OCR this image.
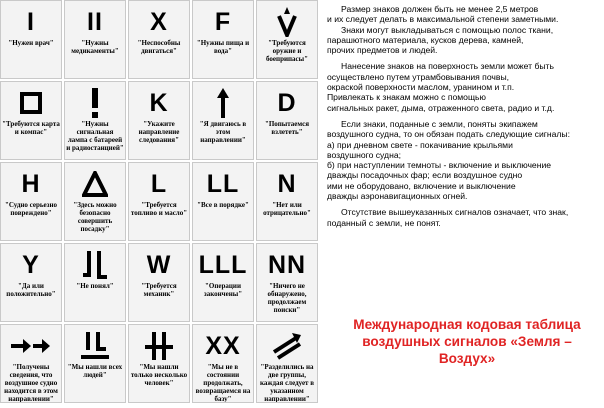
I
"Нужен врач"
II
"Нужны медикаменты"
X
"Неспособны двигаться"
F
"Нужны пища и вода"
"Требуются оружие и боеприпасы"
"Требуются карта и компас"
"Нужны сигнальная лампа с батареей и радиостанцией"
K
"Укажите направление следования"
"Я двигаюсь в этом направлении"
D
"Попытаемся взлететь"
H
"Судно серьезно повреждено"
"Здесь можно безопасно совершить посадку"
L
"Требуется топливо и масло"
LL
"Все в порядке"
N
"Нет или отрицательно"
Y
"Да или положительно"
"Не понял"
W
"Требуется механик"
LLL
"Операции закончены"
NN
"Ничего не обнаружено, продолжаем поиски"
"Получены сведения, что воздушное судно находится в этом направлении"
"Мы нашли всех людей"
"Мы нашли только несколько человек"
XX
"Мы не в состоянии продолжать, возвращаемся на базу"
"Разделились на две группы, каждая следует в указанном направлении"

Размер знаков должен быть не менее 2,5 метров
и их следует делать в максимальной степени заметными.

Знаки могут выкладываться с помощью полос ткани,
парашютного материала, кусков дерева, камней,
прочих предметов и людей.

Нанесение знаков на поверхность земли может быть
осуществлено путем утрамбовывания почвы,
окраской поверхности маслом, уранином и т.п.
Привлекать к знакам можно с помощью
сигнальных ракет, дыма, отраженного света, радио и т.д.

Если знаки, поданные с земли, поняты экипажем
воздушного судна, то он обязан подать следующие сигналы:
а) при дневном свете - покачивание крыльями
воздушного судна;
б) при наступлении темноты - включение и выключение
дважды посадочных фар; если воздушное судно
ими не оборудовано, включение и выключение
дважды аэронавигационных огней.

Отсутствие вышеуказанных сигналов означает, что знак,
поданный с земли, не понят.

Международная кодовая таблица
воздушных сигналов «Земля – Воздух»
